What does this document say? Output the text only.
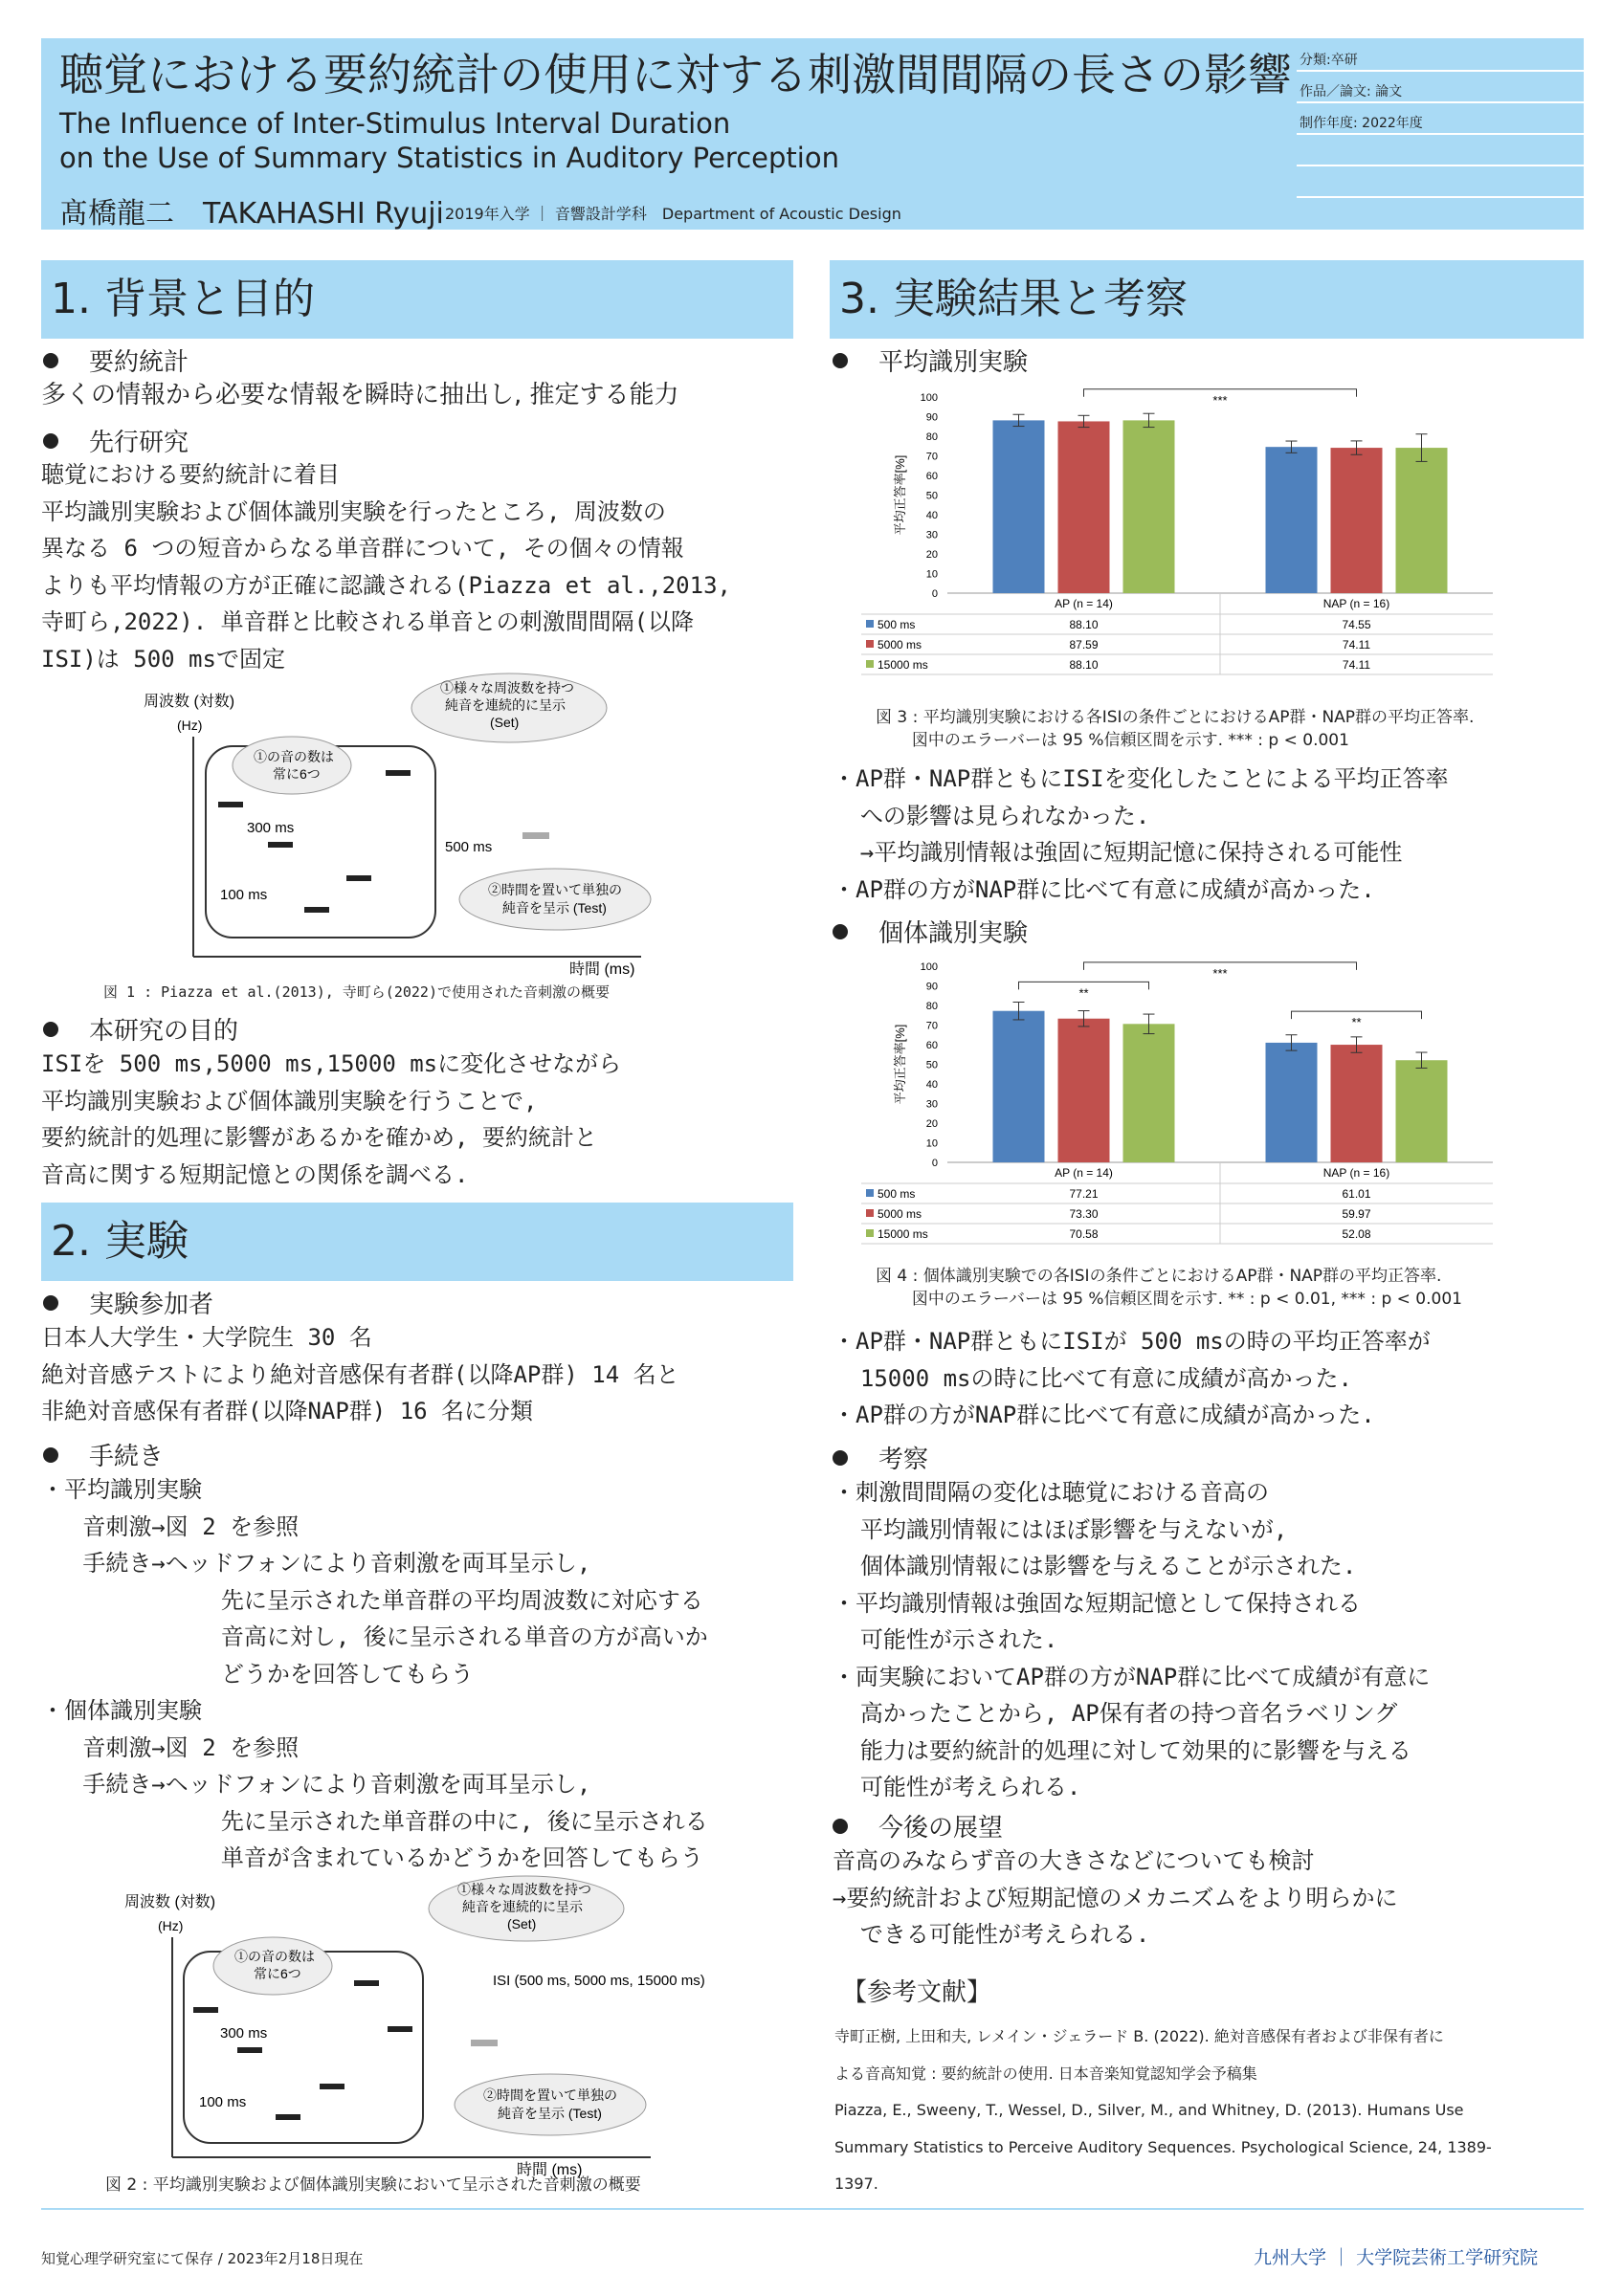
聴覚における要約統計の使用に対する刺激間間隔の長さの影響
The Influence of Inter-Stimulus Interval Duration
on the Use of Summary Statistics in Auditory Perception
髙橋龍二　TAKAHASHI Ryuji 2019年入学 ｜ 音響設計学科　Department of Acoustic Design
分類:卒研
作品／論文: 論文
制作年度: 2022年度
1. 背景と目的
要約統計
多くの情報から必要な情報を瞬時に抽出し, 推定する能力
先行研究
聴覚における要約統計に着目
平均識別実験および個体識別実験を行ったところ, 周波数の
異なる 6 つの短音からなる単音群について, その個々の情報
よりも平均情報の方が正確に認識される(Piazza et al.,2013,
寺町ら,2022). 単音群と比較される単音との刺激間間隔(以降
ISI)は 500 msで固定
周波数 (対数)
(Hz)
時間 (ms)
300 ms
100 ms
500 ms
①の音の数は
常に6つ
①様々な周波数を持つ
純音を連続的に呈示
(Set)
②時間を置いて単独の
純音を呈示 (Test)
図 1 : Piazza et al.(2013), 寺町ら(2022)で使用された音刺激の概要
本研究の目的
ISIを 500 ms,5000 ms,15000 msに変化させながら
平均識別実験および個体識別実験を行うことで,
要約統計的処理に影響があるかを確かめ, 要約統計と
音高に関する短期記憶との関係を調べる.
2. 実験
実験参加者
日本人大学生・大学院生 30 名
絶対音感テストにより絶対音感保有者群(以降AP群) 14 名と
非絶対音感保有者群(以降NAP群) 16 名に分類
手続き
・平均識別実験
音刺激→図 2 を参照
手続き→ヘッドフォンにより音刺激を両耳呈示し,
先に呈示された単音群の平均周波数に対応する
音高に対し, 後に呈示される単音の方が高いか
どうかを回答してもらう
・個体識別実験
音刺激→図 2 を参照
手続き→ヘッドフォンにより音刺激を両耳呈示し,
先に呈示された単音群の中に, 後に呈示される
単音が含まれているかどうかを回答してもらう
周波数 (対数)
(Hz)
時間 (ms)
300 ms
100 ms
ISI (500 ms, 5000 ms, 15000 ms)
①の音の数は
常に6つ
①様々な周波数を持つ
純音を連続的に呈示
(Set)
②時間を置いて単独の
純音を呈示 (Test)
図 2 : 平均識別実験および個体識別実験において呈示された音刺激の概要
3. 実験結果と考察
平均識別実験
0
10
20
30
40
50
60
70
80
90
100
平均正答率[%]
AP (n = 14)	NAP (n = 16)
500 ms	88.10	74.55
5000 ms	87.59	74.11
15000 ms	88.10	74.11
***
図 3 : 平均識別実験における各ISIの条件ごとにおけるAP群・NAP群の平均正答率.
図中のエラーバーは 95 %信頼区間を示す. *** : p < 0.001
・AP群・NAP群ともにISIを変化したことによる平均正答率
への影響は見られなかった.
→平均識別情報は強固に短期記憶に保持される可能性
・AP群の方がNAP群に比べて有意に成績が高かった.
個体識別実験
0
10
20
30
40
50
60
70
80
90
100
平均正答率[%]
AP (n = 14)	NAP (n = 16)
500 ms	77.21	61.01
5000 ms	73.30	59.97
15000 ms	70.58	52.08
**
***
**
図 4 : 個体識別実験での各ISIの条件ごとにおけるAP群・NAP群の平均正答率.
図中のエラーバーは 95 %信頼区間を示す. ** : p < 0.01, *** : p < 0.001
・AP群・NAP群ともにISIが 500 msの時の平均正答率が
15000 msの時に比べて有意に成績が高かった.
・AP群の方がNAP群に比べて有意に成績が高かった.
考察
・刺激間間隔の変化は聴覚における音高の
平均識別情報にはほぼ影響を与えないが,
個体識別情報には影響を与えることが示された.
・平均識別情報は強固な短期記憶として保持される
可能性が示された.
・両実験においてAP群の方がNAP群に比べて成績が有意に
高かったことから, AP保有者の持つ音名ラベリング
能力は要約統計的処理に対して効果的に影響を与える
可能性が考えられる.
今後の展望
音高のみならず音の大きさなどについても検討
→要約統計および短期記憶のメカニズムをより明らかに
できる可能性が考えられる.
【参考文献】
寺町正樹, 上田和夫, レメイン・ジェラード B. (2022). 絶対音感保有者および非保有者に
よる音高知覚 : 要約統計の使用. 日本音楽知覚認知学会予稿集
Piazza, E., Sweeny, T., Wessel, D., Silver, M., and Whitney, D. (2013). Humans Use
Summary Statistics to Perceive Auditory Sequences. Psychological Science, 24, 1389-
1397.
知覚心理学研究室にて保存 / 2023年2月18日現在	九州大学 ｜ 大学院芸術工学研究院
